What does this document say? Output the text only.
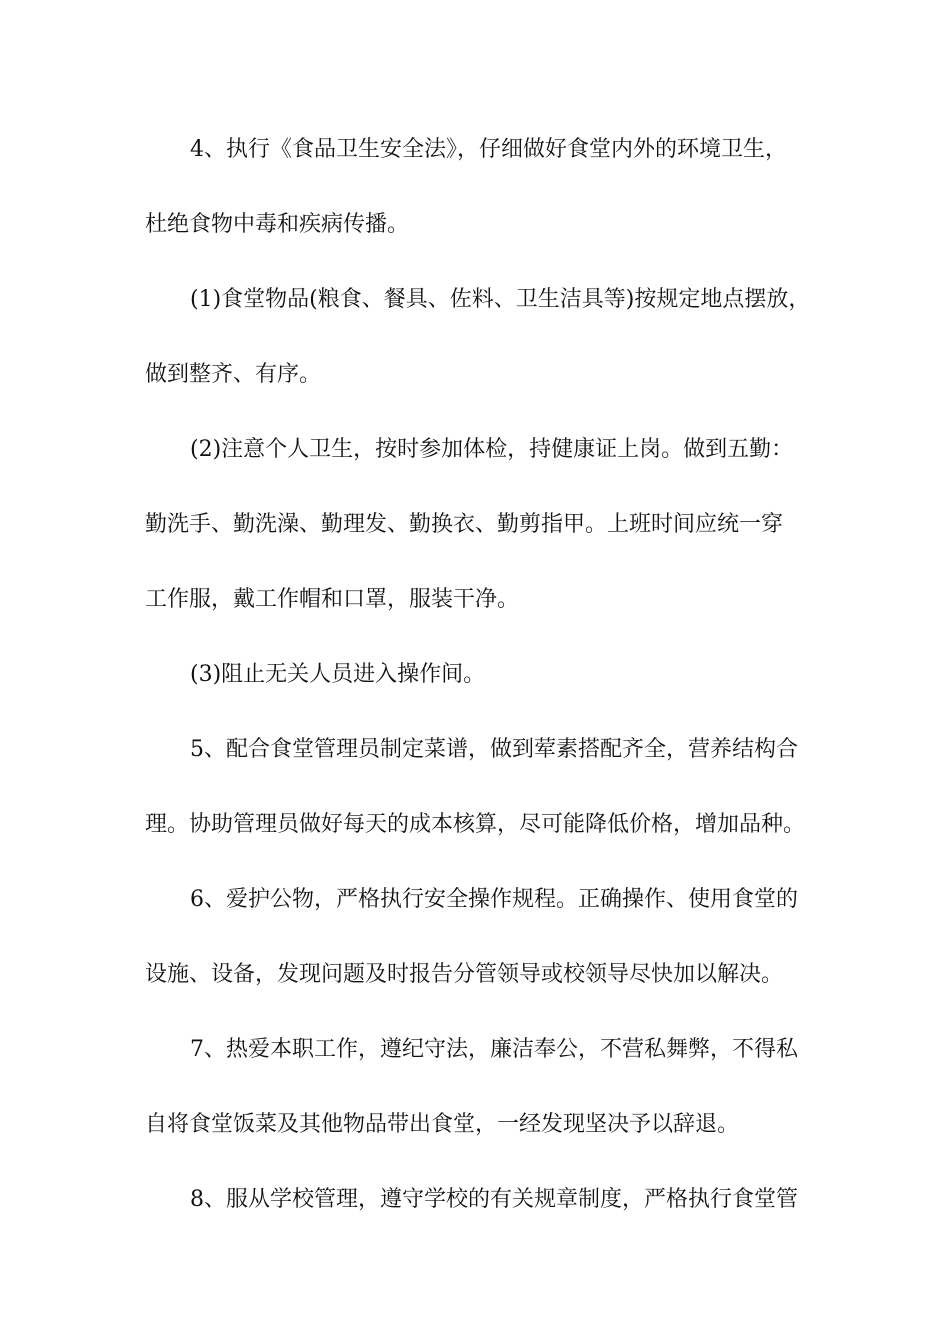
4、执行《食品卫生安全法》，仔细做好食堂内外的环境卫生，
杜绝食物中毒和疾病传播。
(1)食堂物品(粮食、餐具、佐料、卫生洁具等)按规定地点摆放，
做到整齐、有序。
(2)注意个人卫生，按时参加体检，持健康证上岗。做到五勤：
勤洗手、勤洗澡、勤理发、勤换衣、勤剪指甲。上班时间应统一穿
工作服，戴工作帽和口罩，服装干净。
(3)阻止无关人员进入操作间。
5、配合食堂管理员制定菜谱，做到荤素搭配齐全，营养结构合
理。协助管理员做好每天的成本核算，尽可能降低价格，增加品种。
6、爱护公物，严格执行安全操作规程。正确操作、使用食堂的
设施、设备，发现问题及时报告分管领导或校领导尽快加以解决。
7、热爱本职工作，遵纪守法，廉洁奉公，不营私舞弊，不得私
自将食堂饭菜及其他物品带出食堂，一经发现坚决予以辞退。
8、服从学校管理，遵守学校的有关规章制度，严格执行食堂管
